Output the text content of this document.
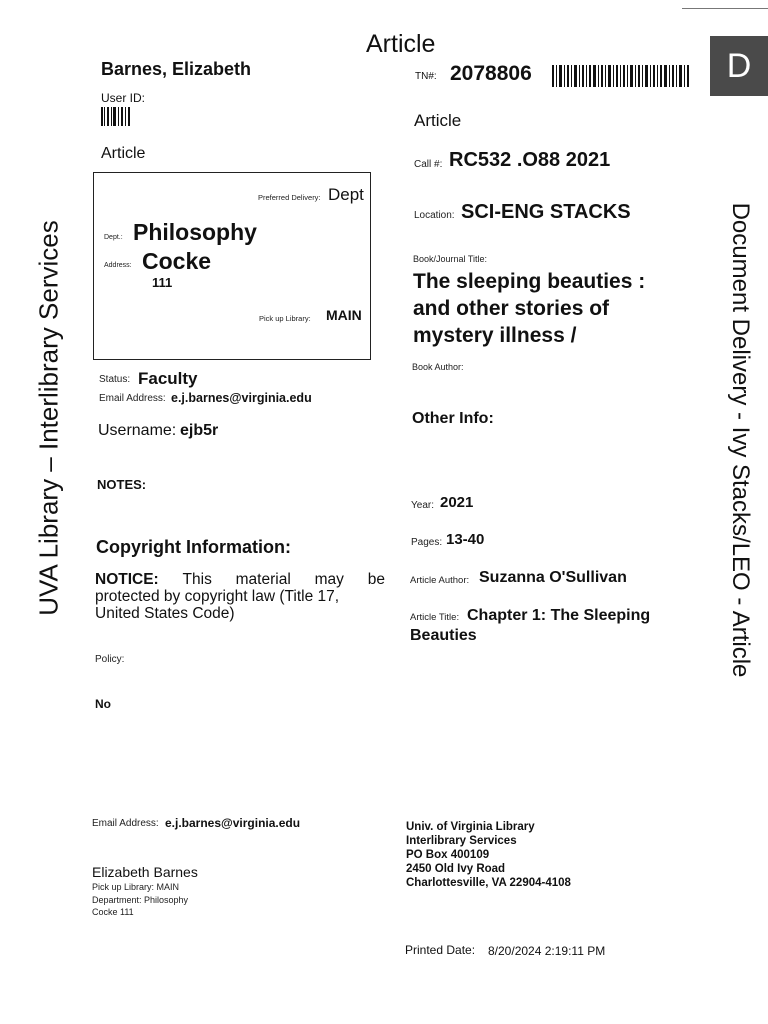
D
Article
TN#: 2078806
UVA Library – Interlibrary Services	Document Delivery - Ivy Stacks/LEO - Article
Barnes, Elizabeth
User ID:
Article
Preferred Delivery: Dept
Dept.: Philosophy
Address: Cocke
111
Pick up Library: MAIN
Status: Faculty
Email Address: e.j.barnes@virginia.edu
Username: ejb5r
NOTES:
Copyright Information:
NOTICE: This material may be
protected by copyright law (Title 17, United States Code)
Policy:
No
Article
Call #: RC532 .O88 2021
Location: SCI-ENG STACKS
Book/Journal Title:
The sleeping beauties :
and other stories of
mystery illness /
Book Author:
Other Info:
Year: 2021
Pages: 13-40
Article Author: Suzanna O'Sullivan
Article Title: Chapter 1: The Sleeping
Beauties
Email Address: e.j.barnes@virginia.edu
Elizabeth Barnes
Pick up Library: MAIN
Department: Philosophy
Cocke 111
Univ. of Virginia Library
Interlibrary Services
PO Box 400109
2450 Old Ivy Road
Charlottesville, VA 22904-4108
Printed Date: 8/20/2024 2:19:11 PM
